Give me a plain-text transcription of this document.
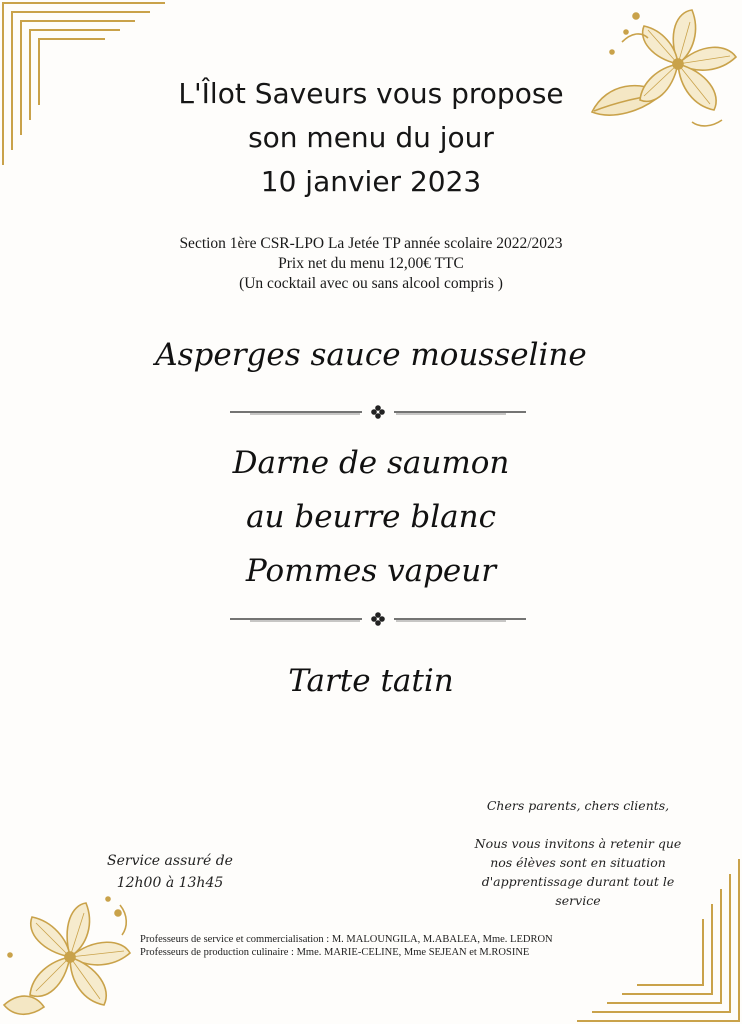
L'Îlot Saveurs vous propose
son menu du jour
10 janvier 2023
Section 1ère CSR-LPO La Jetée TP année scolaire 2022/2023
Prix net du menu 12,00€ TTC
(Un cocktail avec ou sans alcool compris )
Asperges sauce mousseline
Darne de saumon
au beurre blanc
Pommes vapeur
Tarte tatin
Chers parents, chers clients,
Nous vous invitons à retenir que
nos élèves sont en situation
d'apprentissage durant tout le
service
Service assuré de
12h00 à 13h45
Professeurs de service et commercialisation : M. MALOUNGILA, M.ABALEA, Mme. LEDRON
Professeurs de production culinaire : Mme. MARIE-CELINE, Mme SEJEAN et M.ROSINE
